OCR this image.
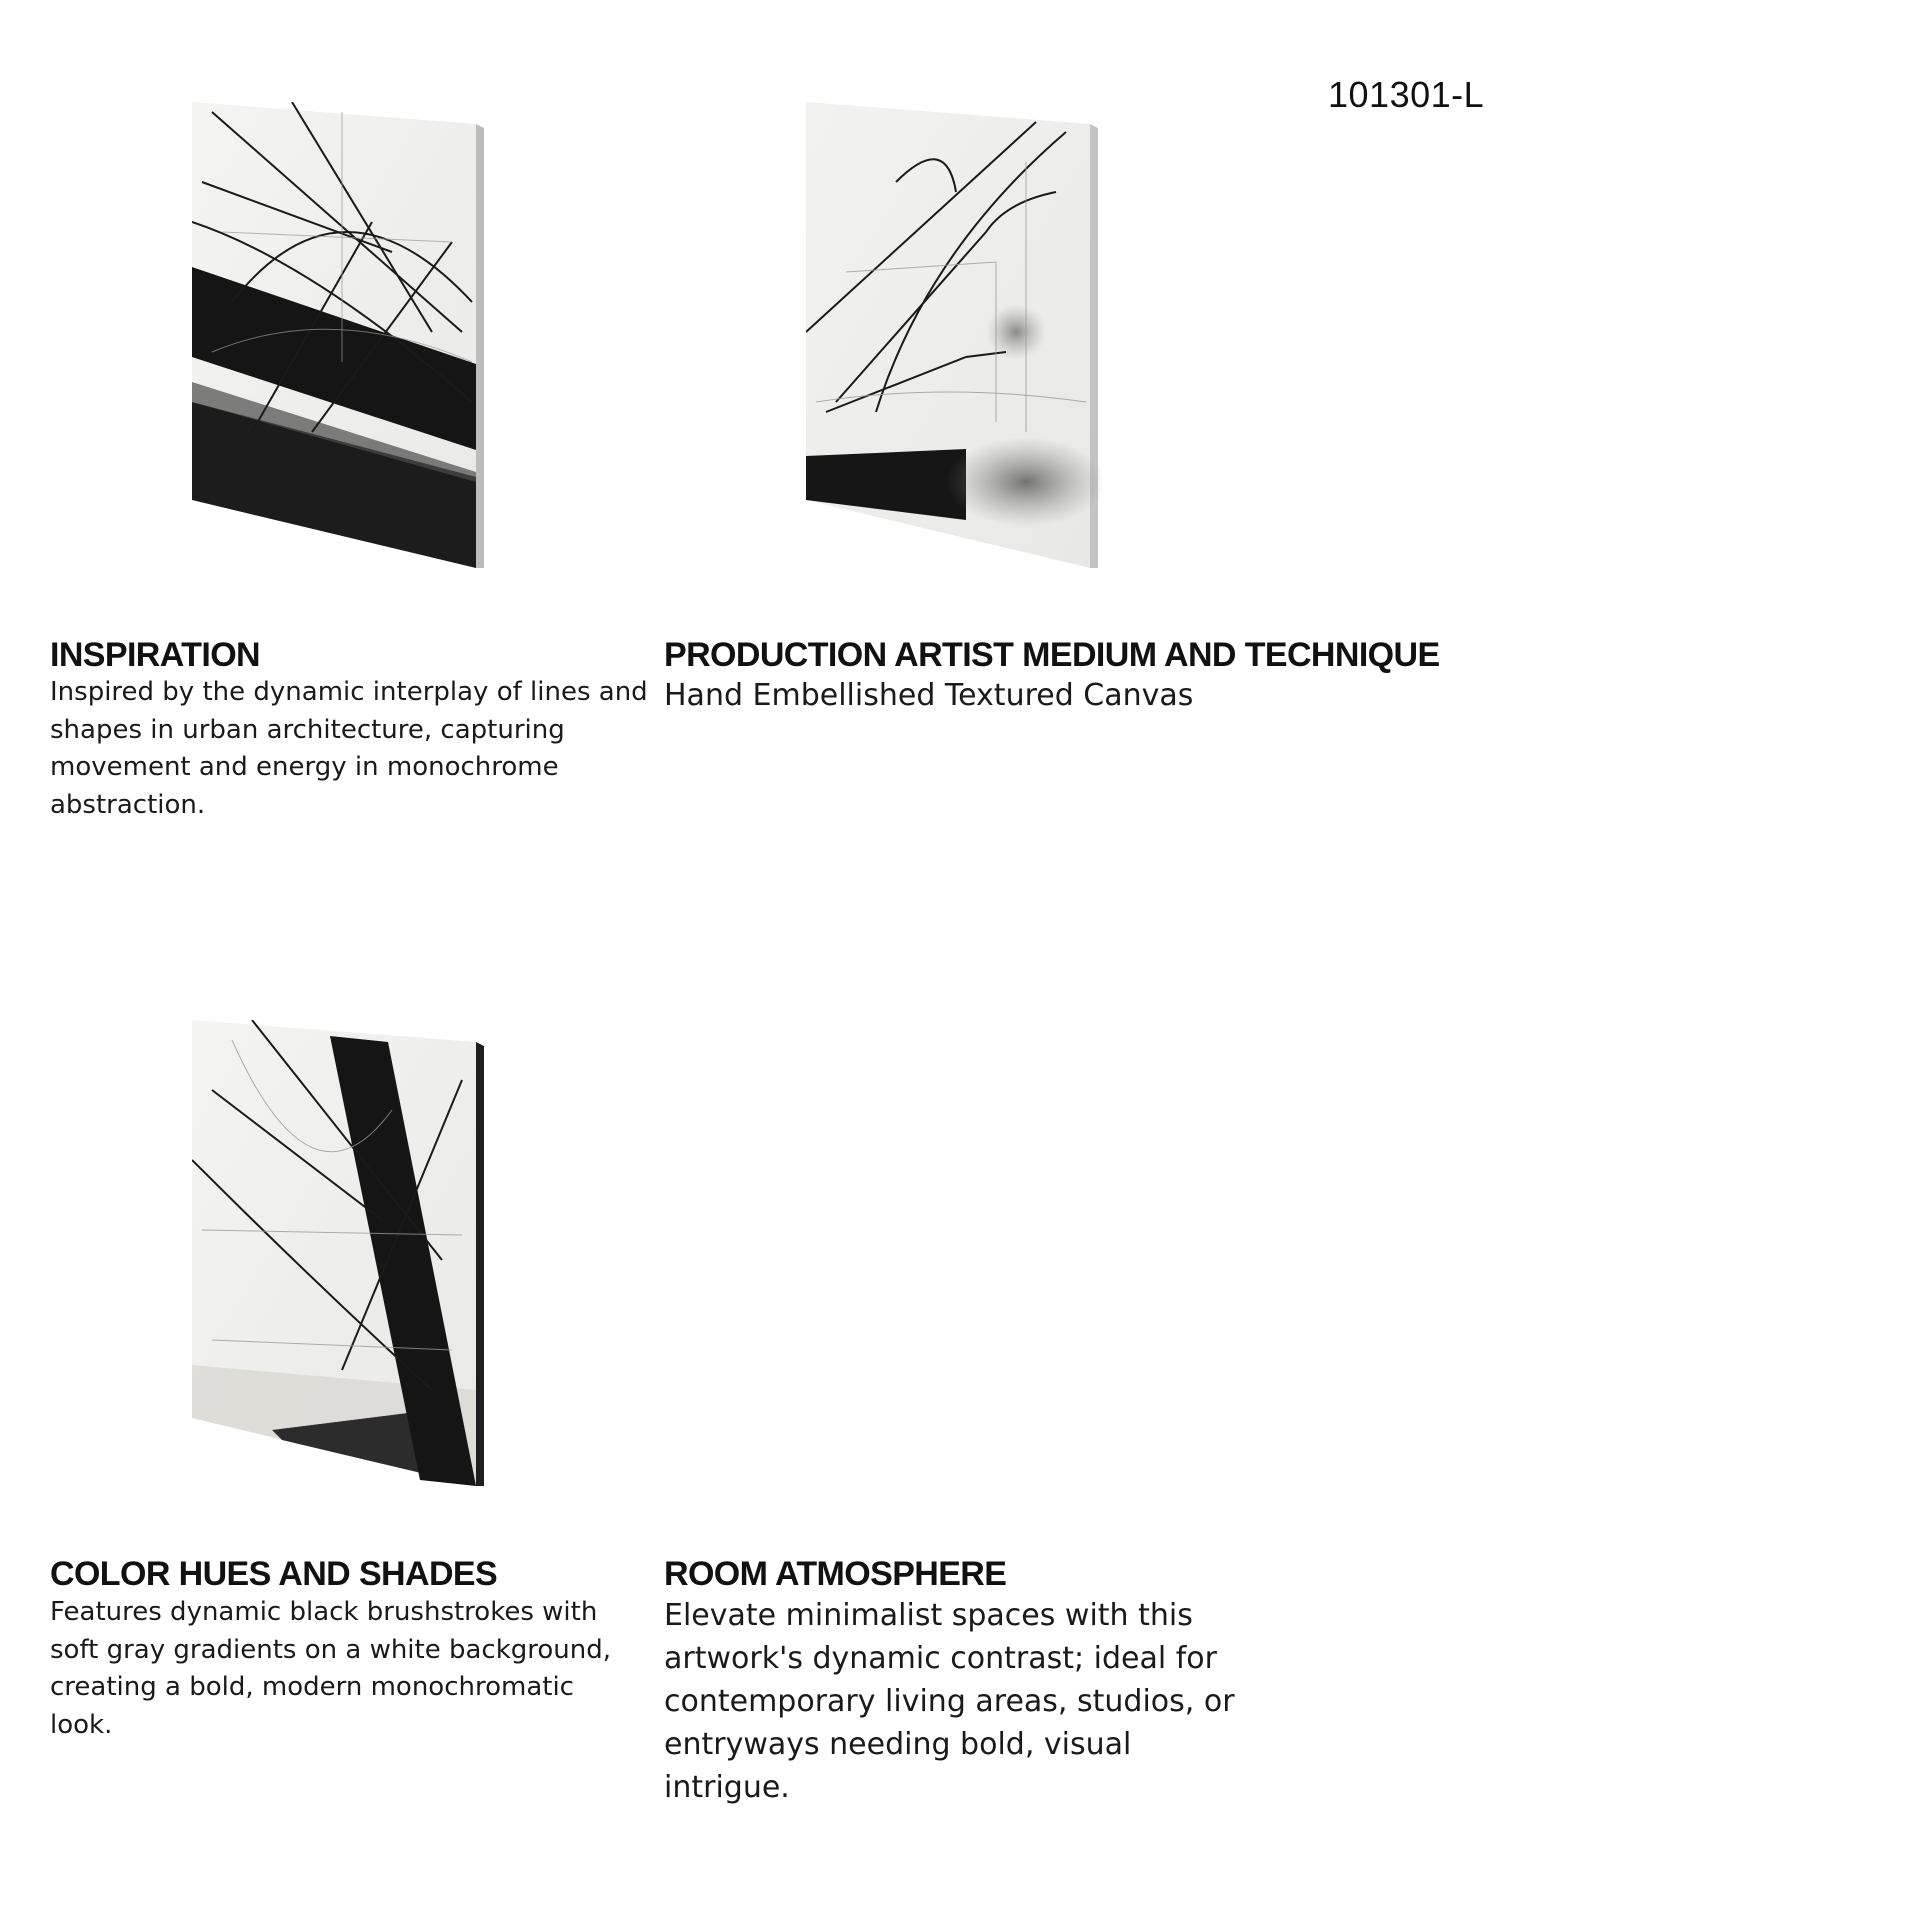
101301-L
INSPIRATION

Inspired by the dynamic interplay of lines and shapes in urban architecture, capturing movement and energy in monochrome abstraction.

PRODUCTION ARTIST MEDIUM AND TECHNIQUE

Hand Embellished Textured Canvas

COLOR HUES AND SHADES

Features dynamic black brushstrokes with soft gray gradients on a white background, creating a bold, modern monochromatic look.

ROOM ATMOSPHERE

Elevate minimalist spaces with this artwork's dynamic contrast; ideal for contemporary living areas, studios, or entryways needing bold, visual intrigue.
